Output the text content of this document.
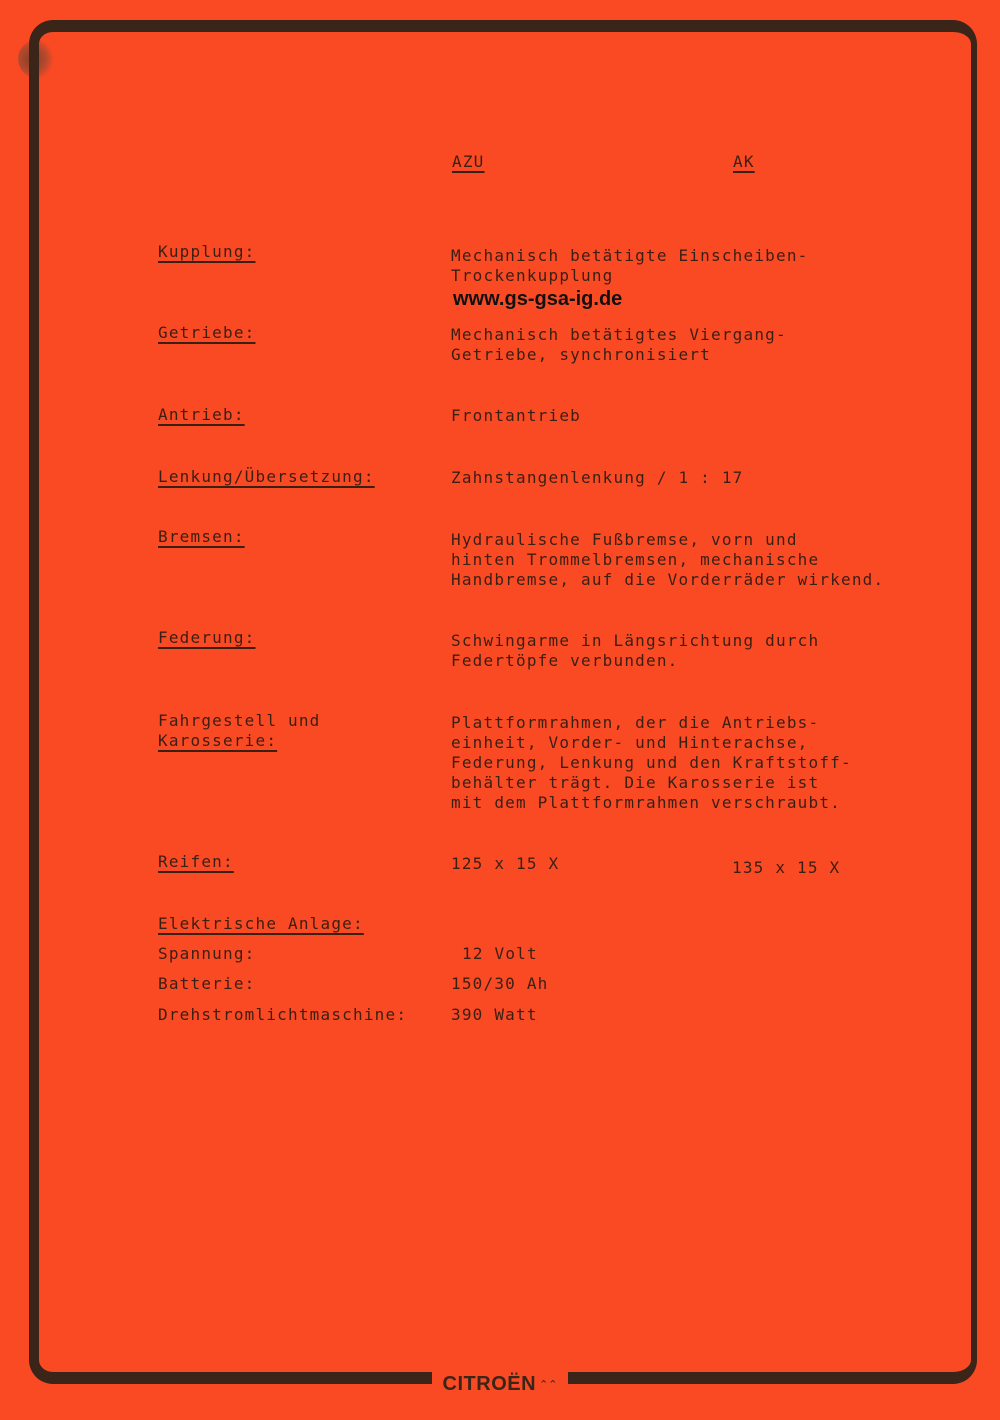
AZU	AK
Kupplung:	Mechanisch betätigte Einscheiben-
Trockenkupplung
www.gs-gsa-ig.de
Getriebe:	Mechanisch betätigtes Viergang-
Getriebe, synchronisiert
Antrieb:	Frontantrieb
Lenkung/Übersetzung:	Zahnstangenlenkung / 1 : 17
Bremsen:	Hydraulische Fußbremse, vorn und
hinten Trommelbremsen, mechanische
Handbremse, auf die Vorderräder wirkend.
Federung:	Schwingarme in Längsrichtung durch
Federtöpfe verbunden.
Fahrgestell und
Karosserie:
Plattformrahmen, der die Antriebs-
einheit, Vorder- und Hinterachse,
Federung, Lenkung und den Kraftstoff-
behälter trägt. Die Karosserie ist
mit dem Plattformrahmen verschraubt.
Reifen:	125 x 15 X	135 x 15 X
Elektrische Anlage:
Spannung:	12 Volt
Batterie:	150/30 Ah
Drehstromlichtmaschine:	390 Watt
CITROËN ⌃⌃
